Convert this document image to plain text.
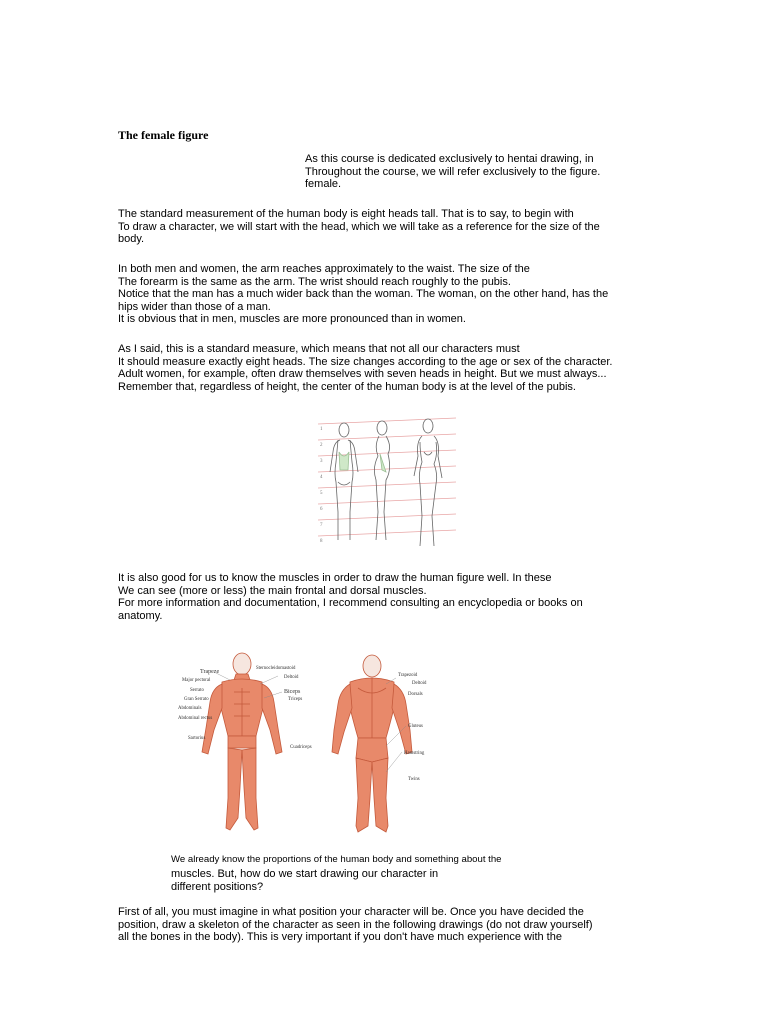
The female figure
As this course is dedicated exclusively to hentai drawing, in
Throughout the course, we will refer exclusively to the figure.
female.
The standard measurement of the human body is eight heads tall. That is to say, to begin with
To draw a character, we will start with the head, which we will take as a reference for the size of the
body.
In both men and women, the arm reaches approximately to the waist. The size of the
The forearm is the same as the arm. The wrist should reach roughly to the pubis.
Notice that the man has a much wider back than the woman. The woman, on the other hand, has the
hips wider than those of a man.
It is obvious that in men, muscles are more pronounced than in women.
As I said, this is a standard measure, which means that not all our characters must
It should measure exactly eight heads. The size changes according to the age or sex of the character.
Adult women, for example, often draw themselves with seven heads in height. But we must always...
Remember that, regardless of height, the center of the human body is at the level of the pubis.
1
2
3
4
5
6
7
8
It is also good for us to know the muscles in order to draw the human figure well. In these
We can see (more or less) the main frontal and dorsal muscles.
For more information and documentation, I recommend consulting an encyclopedia or books on
anatomy.
Trapeze
Major pectoral
Serrato
Gran Serrato
Abdominals
Abdominal rectus
Sartorius
Sternocleidomastoid
Deltoid
Biceps
Triceps
Cuadriceps
Trapezoid
Deltoid
Dorsals
Gluteus
Hamstring
Twins
We already know the proportions of the human body and something about the
muscles. But, how do we start drawing our character in
different positions?
First of all, you must imagine in what position your character will be. Once you have decided the
position, draw a skeleton of the character as seen in the following drawings (do not draw yourself)
all the bones in the body). This is very important if you don't have much experience with the
